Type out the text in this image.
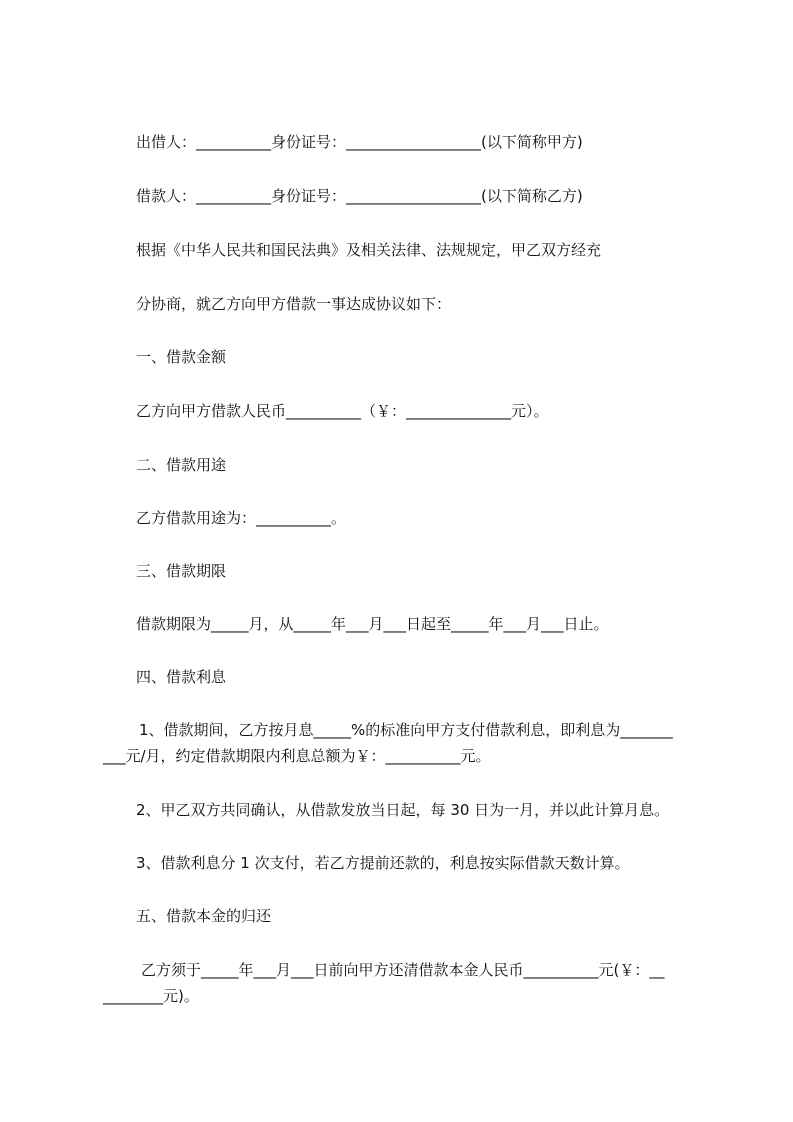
出借人：__________身份证号：__________________(以下简称甲方)
借款人：__________身份证号：__________________(以下简称乙方)
根据《中华人民共和国民法典》及相关法律、法规规定，甲乙双方经充
分协商，就乙方向甲方借款一事达成协议如下：
一、借款金额
乙方向甲方借款人民币__________（￥：______________元）。
二、借款用途
乙方借款用途为：__________。
三、借款期限
借款期限为_____月，从_____年___月___日起至_____年___月___日止。
四、借款利息
1、借款期间，乙方按月息_____%的标准向甲方支付借款利息，即利息为_______
___元/月，约定借款期限内利息总额为￥：__________元。
2、甲乙双方共同确认，从借款发放当日起，每 30 日为一月，并以此计算月息。
3、借款利息分 1 次支付，若乙方提前还款的，利息按实际借款天数计算。
五、借款本金的归还
乙方须于_____年___月___日前向甲方还清借款本金人民币__________元(￥：__
________元)。
